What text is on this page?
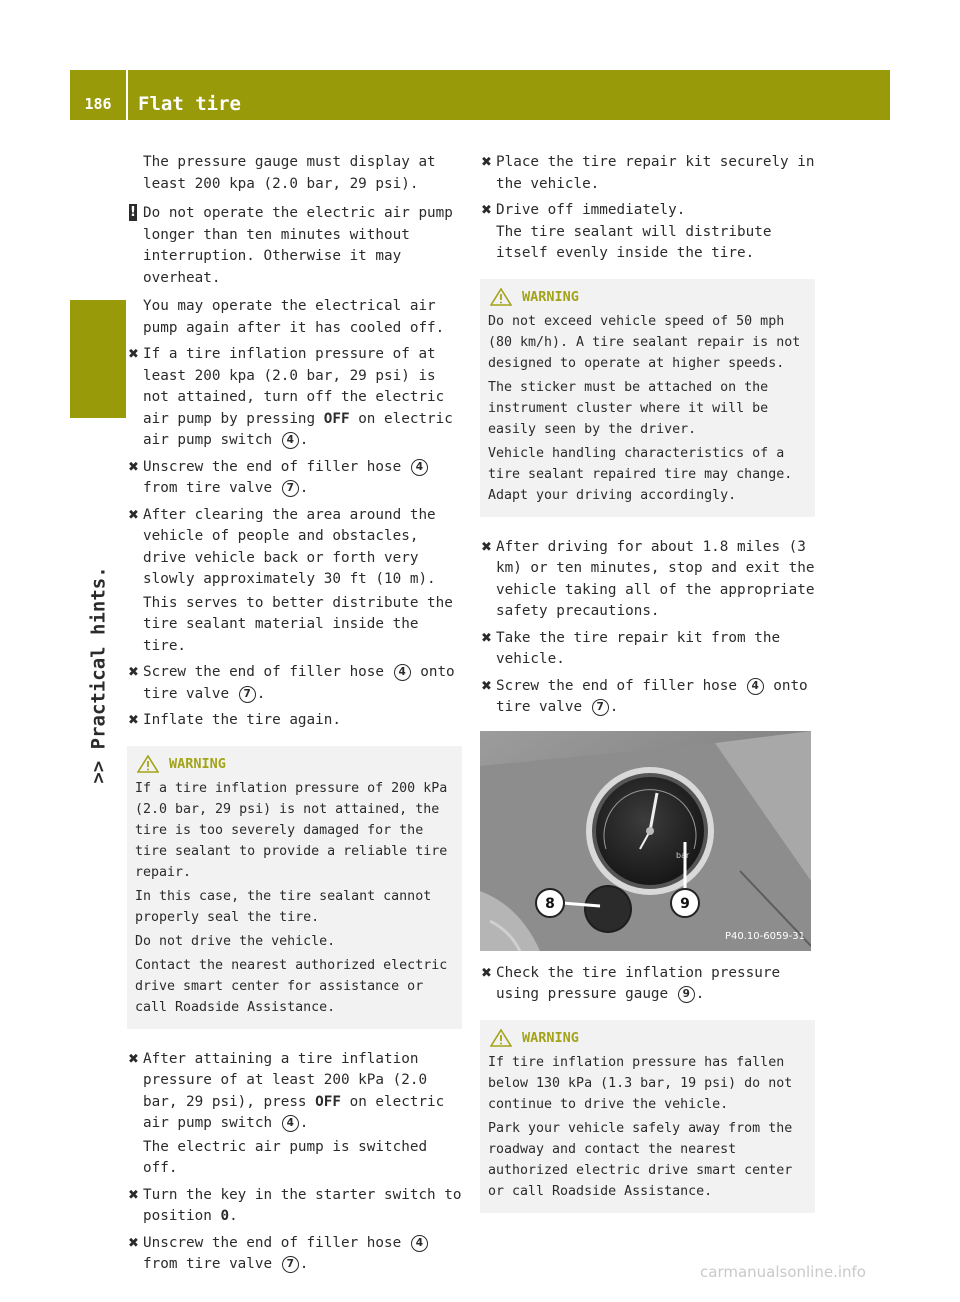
186	Flat tire
>> Practical hints.

The pressure gauge must display at least 200 kpa (2.0 bar, 29 psi).

! Do not operate the electric air pump longer than ten minutes without interruption. Otherwise it may overheat.

You may operate the electrical air pump again after it has cooled off.

✖ If a tire inflation pressure of at least 200 kpa (2.0 bar, 29 psi) is not attained, turn off the electric air pump by pressing OFF on electric air pump switch 4 .
✖ Unscrew the end of filler hose 4 from tire valve 7 .
✖ After clearing the area around the vehicle of people and obstacles, drive vehicle back or forth very slowly approximately 30 ft (10 m).

This serves to better distribute the tire sealant material inside the tire.

✖ Screw the end of filler hose 4 onto tire valve 7 .
✖ Inflate the tire again.
WARNING

If a tire inflation pressure of 200 kPa (2.0 bar, 29 psi) is not attained, the tire is too severely damaged for the tire sealant to provide a reliable tire repair.

In this case, the tire sealant cannot properly seal the tire.

Do not drive the vehicle.

Contact the nearest authorized electric drive smart center for assistance or call Roadside Assistance.

✖ After attaining a tire inflation pressure of at least 200 kPa (2.0 bar, 29 psi), press OFF on electric air pump switch 4 .

The electric air pump is switched off.

✖ Turn the key in the starter switch to position 0.
✖ Unscrew the end of filler hose 4 from tire valve 7 .
✖ Place the tire repair kit securely in the vehicle.
✖ Drive off immediately.

The tire sealant will distribute itself evenly inside the tire.

WARNING

Do not exceed vehicle speed of 50 mph (80 km/h). A tire sealant repair is not designed to operate at higher speeds.

The sticker must be attached on the instrument cluster where it will be easily seen by the driver.

Vehicle handling characteristics of a tire sealant repaired tire may change. Adapt your driving accordingly.

✖ After driving for about 1.8 miles (3 km) or ten minutes, stop and exit the vehicle taking all of the appropriate safety precautions.
✖ Take the tire repair kit from the vehicle.
✖ Screw the end of filler hose 4 onto tire valve 7 .
bar
8	9
P40.10-6059-31
✖ Check the tire inflation pressure using pressure gauge 9 .
WARNING

If tire inflation pressure has fallen below 130 kPa (1.3 bar, 19 psi) do not continue to drive the vehicle.

Park your vehicle safely away from the roadway and contact the nearest authorized electric drive smart center or call Roadside Assistance.

carmanualsonline.info
